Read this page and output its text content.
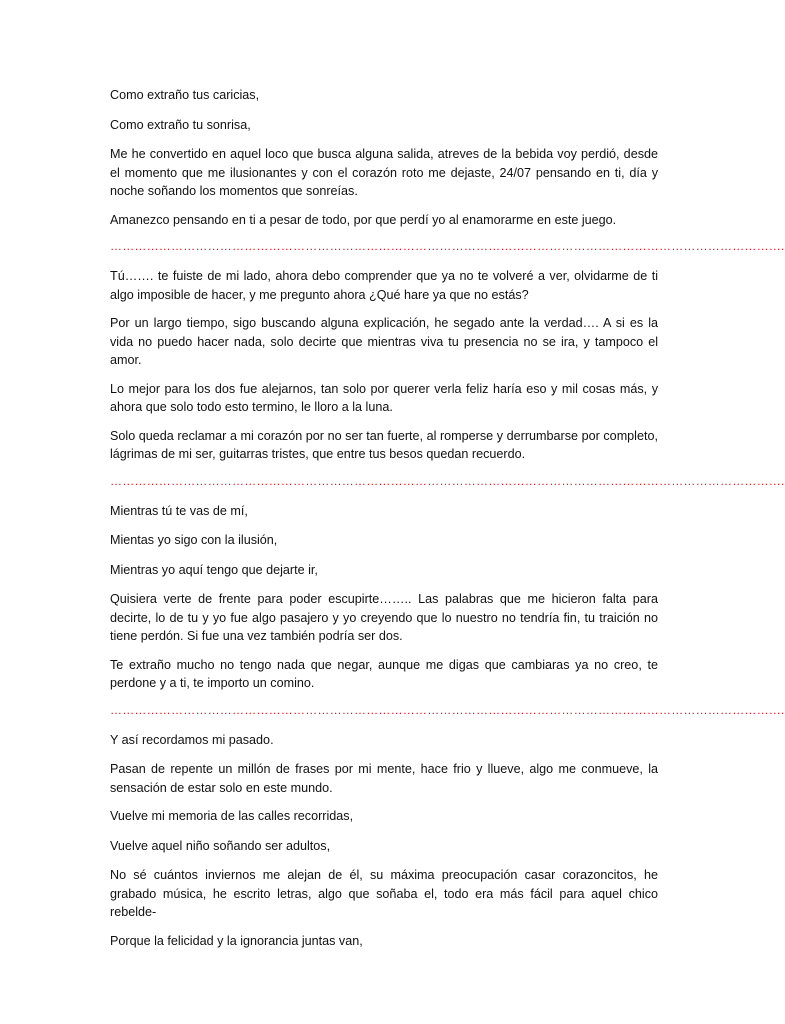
Como extraño tus caricias,

Como extraño tu sonrisa,

Me he convertido en aquel loco que busca alguna salida, atreves de la bebida voy perdió, desde el momento que me ilusionantes y con el corazón roto me dejaste, 24/07 pensando en ti, día y noche soñando los momentos que sonreías.

Amanezco pensando en ti a pesar de todo, por que perdí yo al enamorarme en este juego.

………………………………………………………………………………………………………………………………………………….

Tú……. te fuiste de mi lado, ahora debo comprender que ya no te volveré a ver, olvidarme de ti algo imposible de hacer, y me pregunto ahora ¿Qué hare ya que no estás?

Por un largo tiempo, sigo buscando alguna explicación, he segado ante la verdad…. A si es la vida no puedo hacer nada, solo decirte que mientras viva tu presencia no se ira, y tampoco el amor.

Lo mejor para los dos fue alejarnos, tan solo por querer verla feliz haría eso y mil cosas más, y ahora que solo todo esto termino, le lloro a la luna.

Solo queda reclamar a mi corazón por no ser tan fuerte, al romperse y derrumbarse por completo, lágrimas de mi ser, guitarras tristes, que entre tus besos quedan recuerdo.

………………………………………………………………………………………………………………………………………………….

Mientras tú te vas de mí,

Mientas yo sigo con la ilusión,

Mientras yo aquí tengo que dejarte ir,

Quisiera verte de frente para poder escupirte…….. Las palabras que me hicieron falta para decirte, lo de tu y yo fue algo pasajero y yo creyendo que lo nuestro no tendría fin, tu traición no tiene perdón. Si fue una vez también podría ser dos.

Te extraño mucho no tengo nada que negar, aunque me digas que cambiaras ya no creo, te perdone y a ti, te importo un comino.

………………………………………………………………………………………………………………………………………………….

Y así recordamos mi pasado.

Pasan de repente un millón de frases por mi mente, hace frio y llueve, algo me conmueve, la sensación de estar solo en este mundo.

Vuelve mi memoria de las calles recorridas,

Vuelve aquel niño soñando ser adultos,

No sé cuántos inviernos me alejan de él, su máxima preocupación casar corazoncitos, he grabado música, he escrito letras, algo que soñaba el, todo era más fácil para aquel chico rebelde-

Porque la felicidad y la ignorancia juntas van,
